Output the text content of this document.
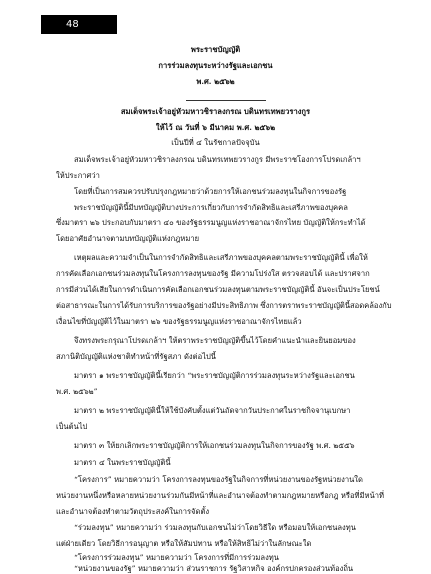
48
พระราชบัญญัติ
การร่วมลงทุนระหว่างรัฐและเอกชน
พ.ศ. ๒๕๖๒
สมเด็จพระเจ้าอยู่หัวมหาวชิราลงกรณ บดินทรเทพยวรางกูร
ให้ไว้ ณ วันที่ ๖ มีนาคม พ.ศ. ๒๕๖๒
เป็นปีที่ ๔ ในรัชกาลปัจจุบัน
สมเด็จพระเจ้าอยู่หัวมหาวชิราลงกรณ บดินทรเทพยวรางกูร มีพระราชโองการโปรดเกล้าฯ
ให้ประกาศว่า
โดยที่เป็นการสมควรปรับปรุงกฎหมายว่าด้วยการให้เอกชนร่วมลงทุนในกิจการของรัฐ
พระราชบัญญัตินี้มีบทบัญญัติบางประการเกี่ยวกับการจำกัดสิทธิและเสรีภาพของบุคคล
ซึ่งมาตรา ๒๖ ประกอบกับมาตรา ๔๐ ของรัฐธรรมนูญแห่งราชอาณาจักรไทย บัญญัติให้กระทำได้
โดยอาศัยอำนาจตามบทบัญญัติแห่งกฎหมาย
เหตุผลและความจำเป็นในการจำกัดสิทธิและเสรีภาพของบุคคลตามพระราชบัญญัตินี้ เพื่อให้
การคัดเลือกเอกชนร่วมลงทุนในโครงการลงทุนของรัฐ มีความโปร่งใส ตรวจสอบได้ และปราศจาก
การมีส่วนได้เสียในการดำเนินการคัดเลือกเอกชนร่วมลงทุนตามพระราชบัญญัตินี้ อันจะเป็นประโยชน์
ต่อสาธารณะในการได้รับการบริการของรัฐอย่างมีประสิทธิภาพ ซึ่งการตราพระราชบัญญัตินี้สอดคล้องกับ
เงื่อนไขที่บัญญัติไว้ในมาตรา ๒๖ ของรัฐธรรมนูญแห่งราชอาณาจักรไทยแล้ว
จึงทรงพระกรุณาโปรดเกล้าฯ ให้ตราพระราชบัญญัติขึ้นไว้โดยคำแนะนำและยินยอมของ
สภานิติบัญญัติแห่งชาติทำหน้าที่รัฐสภา ดังต่อไปนี้
มาตรา ๑ พระราชบัญญัตินี้เรียกว่า “พระราชบัญญัติการร่วมลงทุนระหว่างรัฐและเอกชน
พ.ศ. ๒๕๖๒”
มาตรา ๒ พระราชบัญญัตินี้ให้ใช้บังคับตั้งแต่วันถัดจากวันประกาศในราชกิจจานุเบกษา
เป็นต้นไป
มาตรา ๓ ให้ยกเลิกพระราชบัญญัติการให้เอกชนร่วมลงทุนในกิจการของรัฐ พ.ศ. ๒๕๕๖
มาตรา ๔ ในพระราชบัญญัตินี้
“โครงการ” หมายความว่า โครงการลงทุนของรัฐในกิจการที่หน่วยงานของรัฐหน่วยงานใด
หน่วยงานหนึ่งหรือหลายหน่วยงานร่วมกันมีหน้าที่และอำนาจต้องทำตามกฎหมายหรือกฎ หรือที่มีหน้าที่
และอำนาจต้องทำตามวัตถุประสงค์ในการจัดตั้ง
“ร่วมลงทุน” หมายความว่า ร่วมลงทุนกับเอกชนไม่ว่าโดยวิธีใด หรือมอบให้เอกชนลงทุน
แต่ฝ่ายเดียว โดยวิธีการอนุญาต หรือให้สัมปทาน หรือให้สิทธิไม่ว่าในลักษณะใด
“โครงการร่วมลงทุน” หมายความว่า โครงการที่มีการร่วมลงทุน
“หน่วยงานของรัฐ” หมายความว่า ส่วนราชการ รัฐวิสาหกิจ องค์กรปกครองส่วนท้องถิ่น
